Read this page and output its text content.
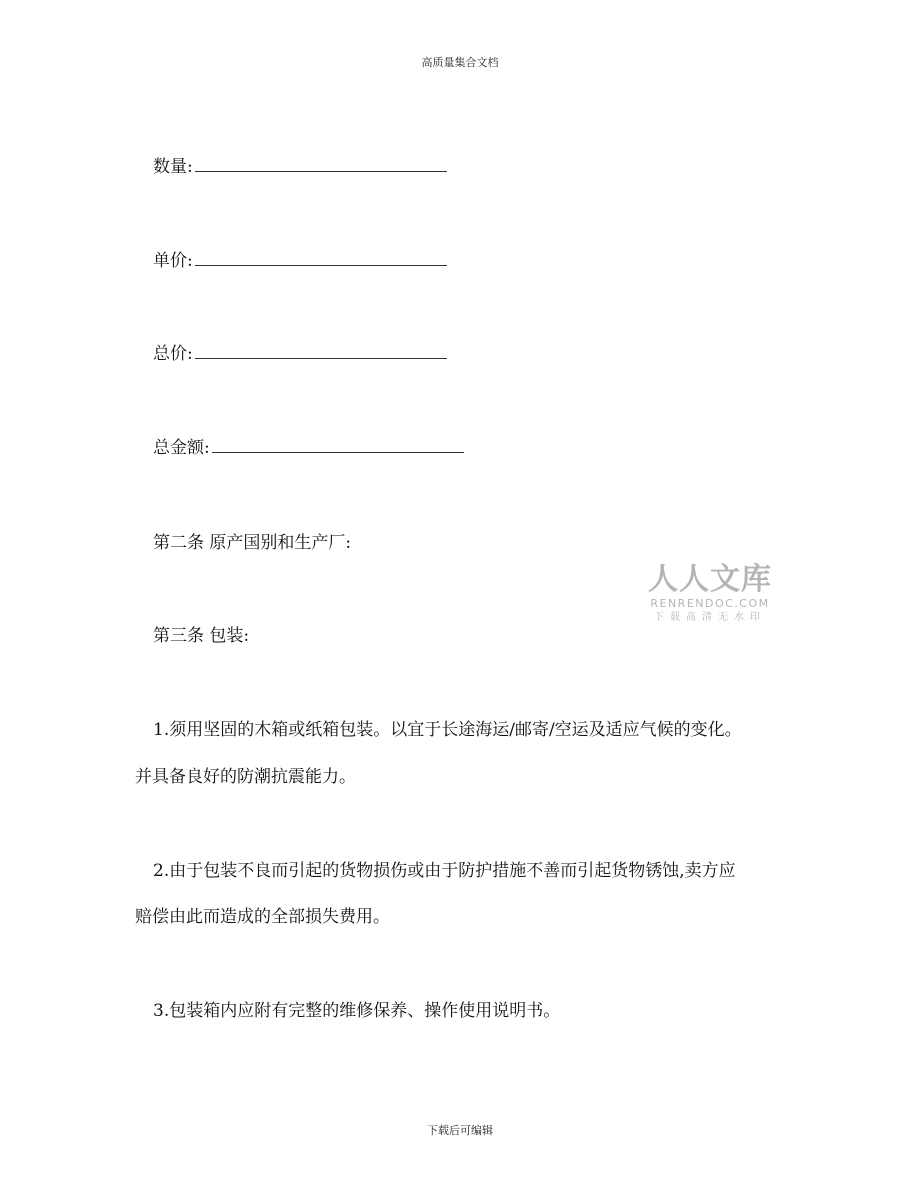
高质量集合文档
数量:
单价:
总价:
总金额:
第二条 原产国别和生产厂:
人人文库
RENRENDOC.COM
下载高清无水印
第三条 包装:
1.须用坚固的木箱或纸箱包装。以宜于长途海运/邮寄/空运及适应气候的变化。
并具备良好的防潮抗震能力。
2.由于包装不良而引起的货物损伤或由于防护措施不善而引起货物锈蚀,卖方应
赔偿由此而造成的全部损失费用。
3.包装箱内应附有完整的维修保养、操作使用说明书。
下载后可编辑
